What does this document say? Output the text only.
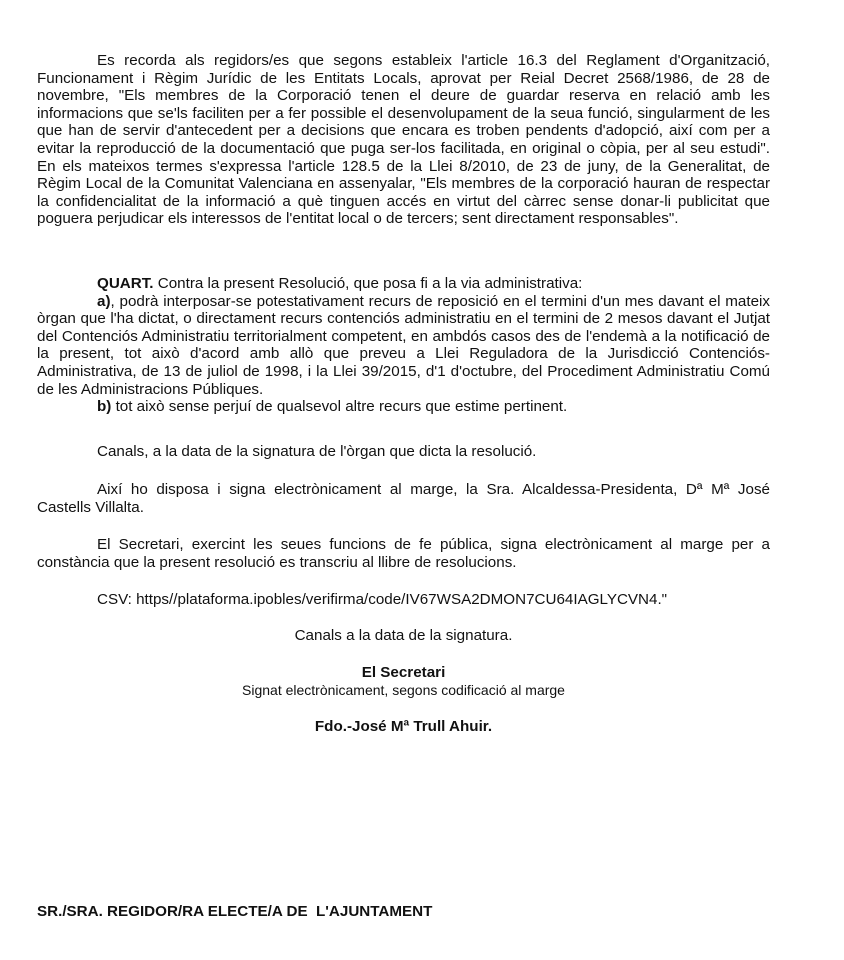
Es recorda als regidors/es que segons estableix l'article 16.3 del Reglament d'Organització, Funcionament i Règim Jurídic de les Entitats Locals, aprovat per Reial Decret 2568/1986, de 28 de novembre, "Els membres de la Corporació tenen el deure de guardar reserva en relació amb les informacions que se'ls faciliten per a fer possible el desenvolupament de la seua funció, singularment de les que han de servir d'antecedent per a decisions que encara es troben pendents d'adopció, així com per a evitar la reproducció de la documentació que puga ser-los facilitada, en original o còpia, per al seu estudi". En els mateixos termes s'expressa l'article 128.5 de la Llei 8/2010, de 23 de juny, de la Generalitat, de Règim Local de la Comunitat Valenciana en assenyalar, "Els membres de la corporació hauran de respectar la confidencialitat de la informació a què tinguen accés en virtut del càrrec sense donar-li publicitat que poguera perjudicar els interessos de l'entitat local o de tercers; sent directament responsables".

QUART. Contra la present Resolució, que posa fi a la via administrativa:

a), podrà interposar-se potestativament recurs de reposició en el termini d'un mes davant el mateix òrgan que l'ha dictat, o directament recurs contenciós administratiu en el termini de 2 mesos davant el Jutjat del Contenciós Administratiu territorialment competent, en ambdós casos des de l'endemà a la notificació de la present, tot això d'acord amb allò que preveu a Llei Reguladora de la Jurisdicció Contenciós-Administrativa, de 13 de juliol de 1998, i la Llei 39/2015, d'1 d'octubre, del Procediment Administratiu Comú de les Administracions Públiques.

b) tot això sense perjuí de qualsevol altre recurs que estime pertinent.

Canals, a la data de la signatura de l'òrgan que dicta la resolució.

Així ho disposa i signa electrònicament al marge, la Sra. Alcaldessa-Presidenta, Dª Mª José Castells Villalta.

El Secretari, exercint les seues funcions de fe pública, signa electrònicament al marge per a constància que la present resolució es transcriu al llibre de resolucions.

CSV: https//plataforma.ipobles/verifirma/code/IV67WSA2DMON7CU64IAGLYCVN4."

Canals a la data de la signatura.

El Secretari

Signat electrònicament, segons codificació al marge

Fdo.-José Mª Trull Ahuir.

SR./SRA. REGIDOR/RA ELECTE/A DE  L'AJUNTAMENT
